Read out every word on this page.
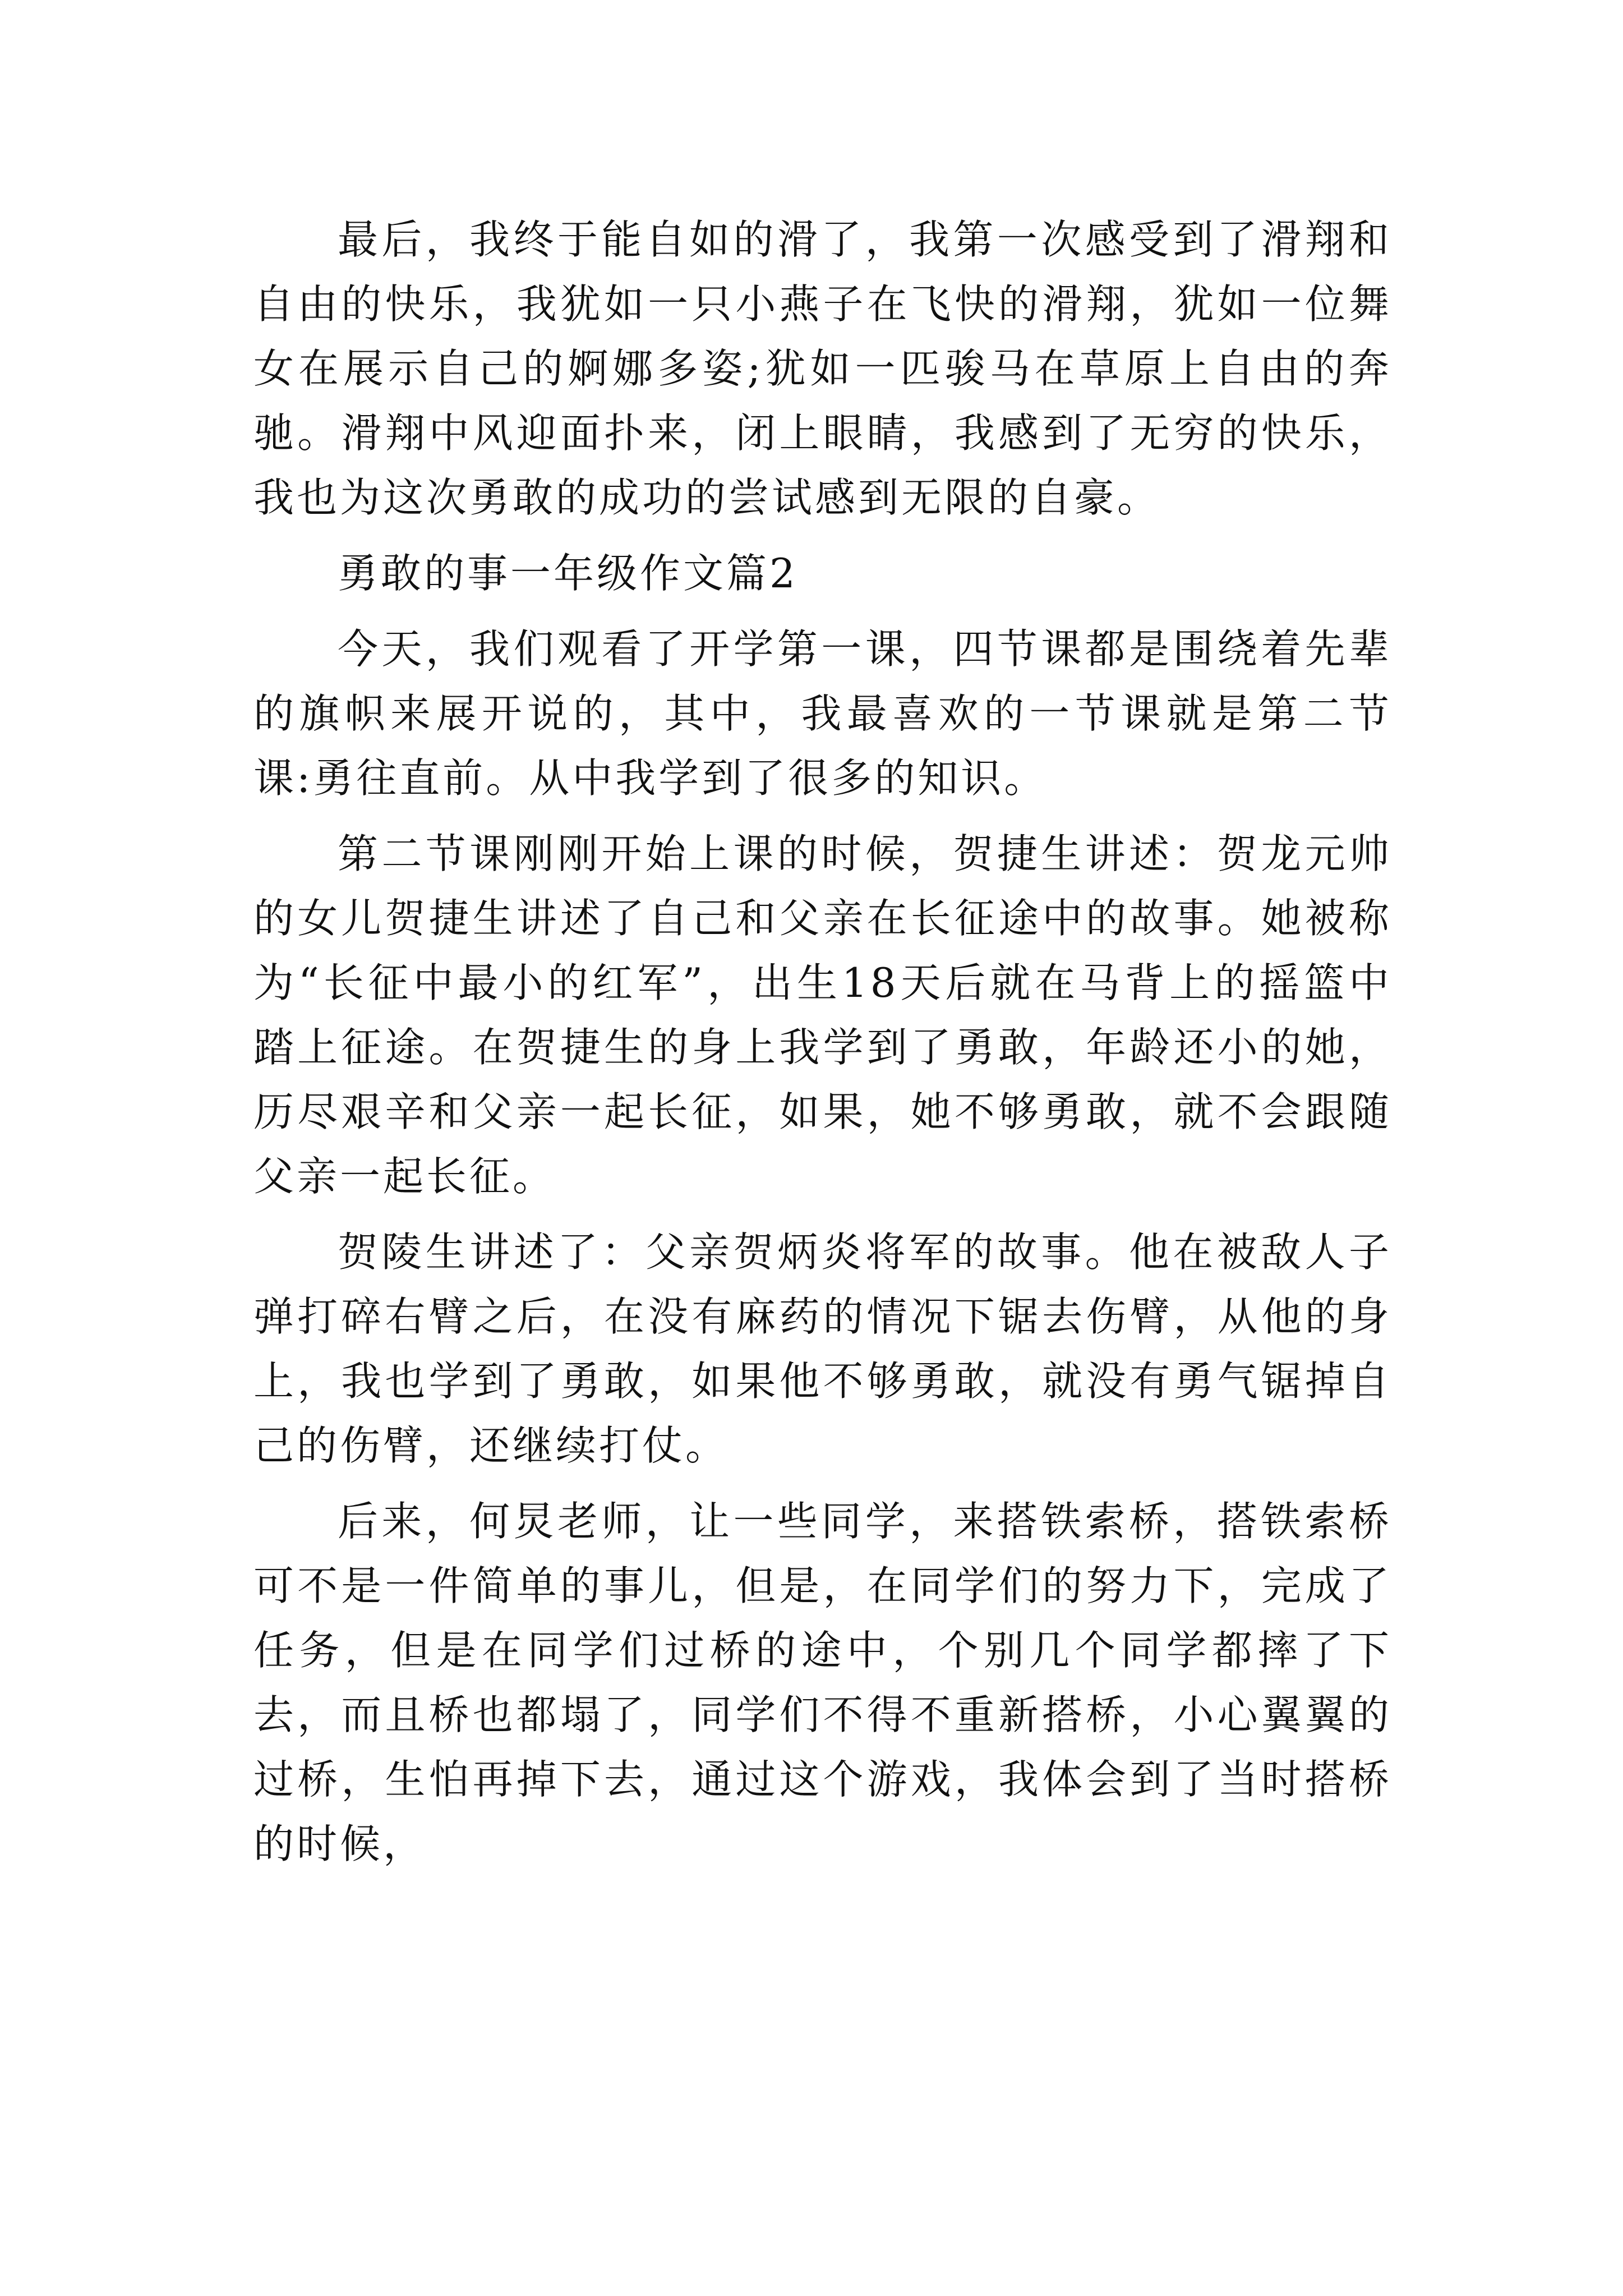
最后，我终于能自如的滑了，我第一次感受到了滑翔和自由的快乐，我犹如一只小燕子在飞快的滑翔，犹如一位舞女在展示自己的婀娜多姿;犹如一匹骏马在草原上自由的奔驰。滑翔中风迎面扑来，闭上眼睛，我感到了无穷的快乐，我也为这次勇敢的成功的尝试感到无限的自豪。

勇敢的事一年级作文篇2

今天，我们观看了开学第一课，四节课都是围绕着先辈的旗帜来展开说的，其中，我最喜欢的一节课就是第二节课:勇往直前。从中我学到了很多的知识。

第二节课刚刚开始上课的时候，贺捷生讲述：贺龙元帅的女儿贺捷生讲述了自己和父亲在长征途中的故事。她被称为“长征中最小的红军”，出生18天后就在马背上的摇篮中踏上征途。在贺捷生的身上我学到了勇敢，年龄还小的她，历尽艰辛和父亲一起长征，如果，她不够勇敢，就不会跟随父亲一起长征。

贺陵生讲述了：父亲贺炳炎将军的故事。他在被敌人子弹打碎右臂之后，在没有麻药的情况下锯去伤臂，从他的身上，我也学到了勇敢，如果他不够勇敢，就没有勇气锯掉自己的伤臂，还继续打仗。

后来，何炅老师，让一些同学，来搭铁索桥，搭铁索桥可不是一件简单的事儿，但是，在同学们的努力下，完成了任务，但是在同学们过桥的途中，个别几个同学都摔了下去，而且桥也都塌了，同学们不得不重新搭桥，小心翼翼的过桥，生怕再掉下去，通过这个游戏，我体会到了当时搭桥的时候，
